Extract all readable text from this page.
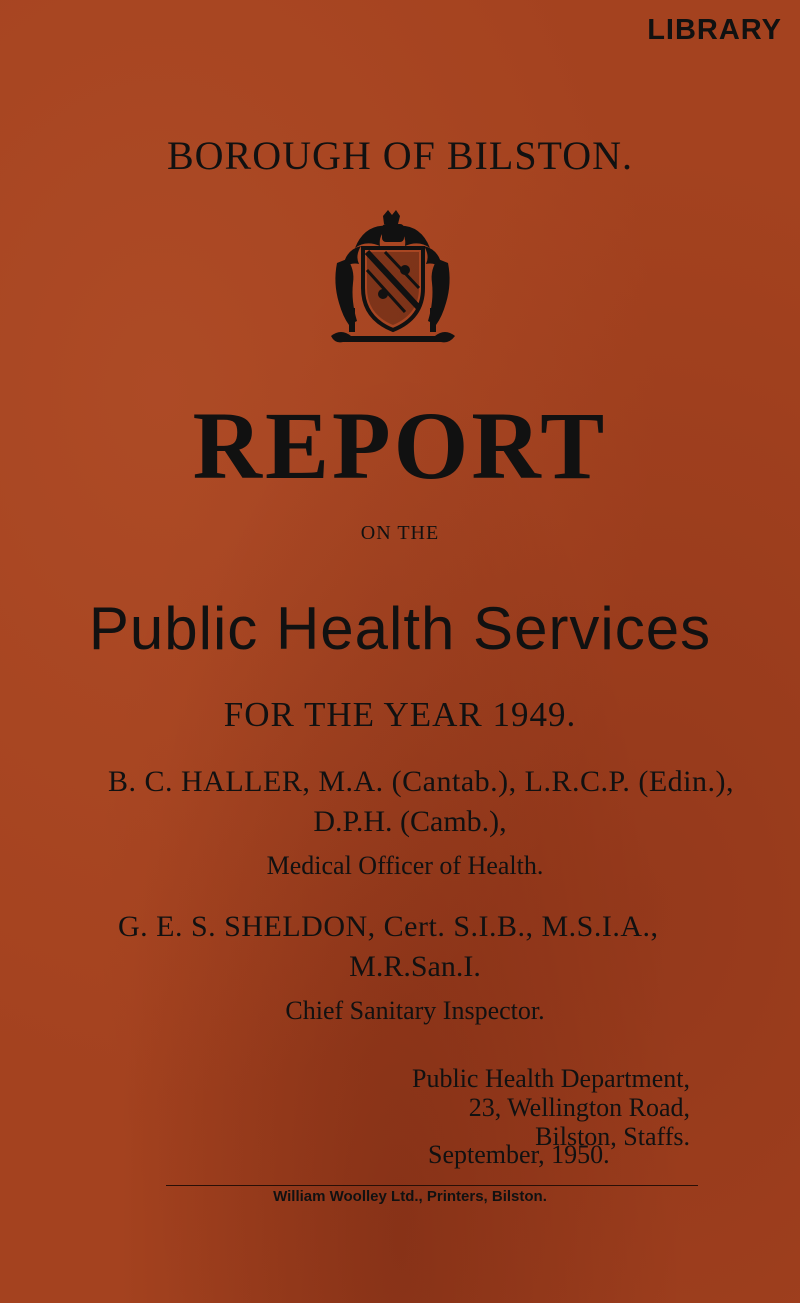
LIBRARY
BOROUGH OF BILSTON.
REPORT
ON THE
Public Health Services
FOR THE YEAR 1949.
B. C. HALLER, M.A. (Cantab.), L.R.C.P. (Edin.),
D.P.H. (Camb.),
Medical Officer of Health.
G. E. S. SHELDON, Cert. S.I.B., M.S.I.A.,
M.R.San.I.
Chief Sanitary Inspector.
Public Health Department,
23, Wellington Road,
Bilston, Staffs.
September, 1950.
William Woolley Ltd., Printers, Bilston.
